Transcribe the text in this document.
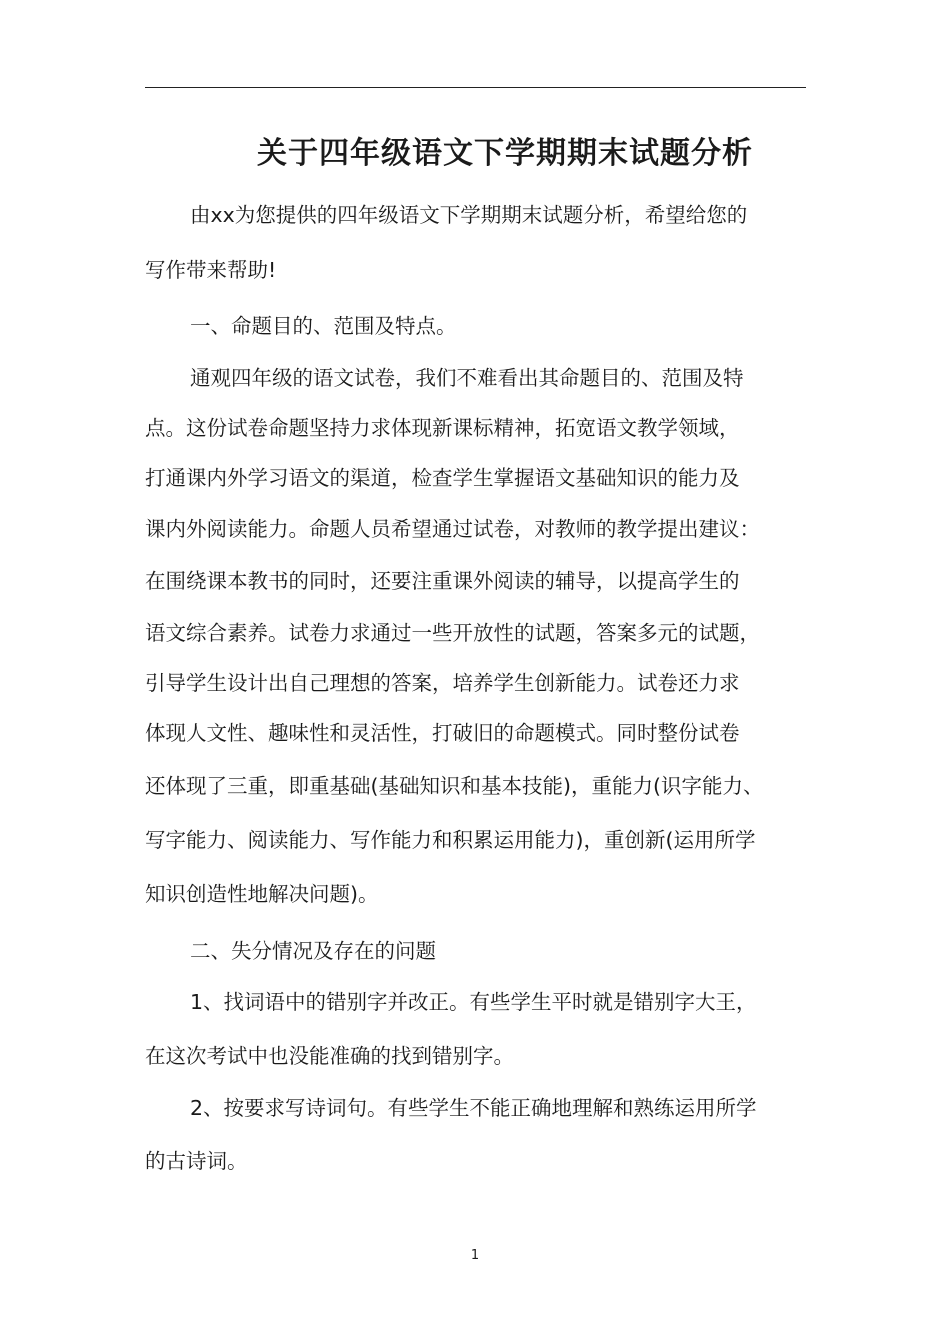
关于四年级语文下学期期末试题分析
由xx为您提供的四年级语文下学期期末试题分析，希望给您的
写作带来帮助!
一、命题目的、范围及特点。
通观四年级的语文试卷，我们不难看出其命题目的、范围及特
点。这份试卷命题坚持力求体现新课标精神，拓宽语文教学领域，
打通课内外学习语文的渠道，检查学生掌握语文基础知识的能力及
课内外阅读能力。命题人员希望通过试卷，对教师的教学提出建议：
在围绕课本教书的同时，还要注重课外阅读的辅导，以提高学生的
语文综合素养。试卷力求通过一些开放性的试题，答案多元的试题，
引导学生设计出自己理想的答案，培养学生创新能力。试卷还力求
体现人文性、趣味性和灵活性，打破旧的命题模式。同时整份试卷
还体现了三重，即重基础(基础知识和基本技能)，重能力(识字能力、
写字能力、阅读能力、写作能力和积累运用能力)，重创新(运用所学
知识创造性地解决问题)。
二、失分情况及存在的问题
1、找词语中的错别字并改正。有些学生平时就是错别字大王，
在这次考试中也没能准确的找到错别字。
2、按要求写诗词句。有些学生不能正确地理解和熟练运用所学
的古诗词。
1
